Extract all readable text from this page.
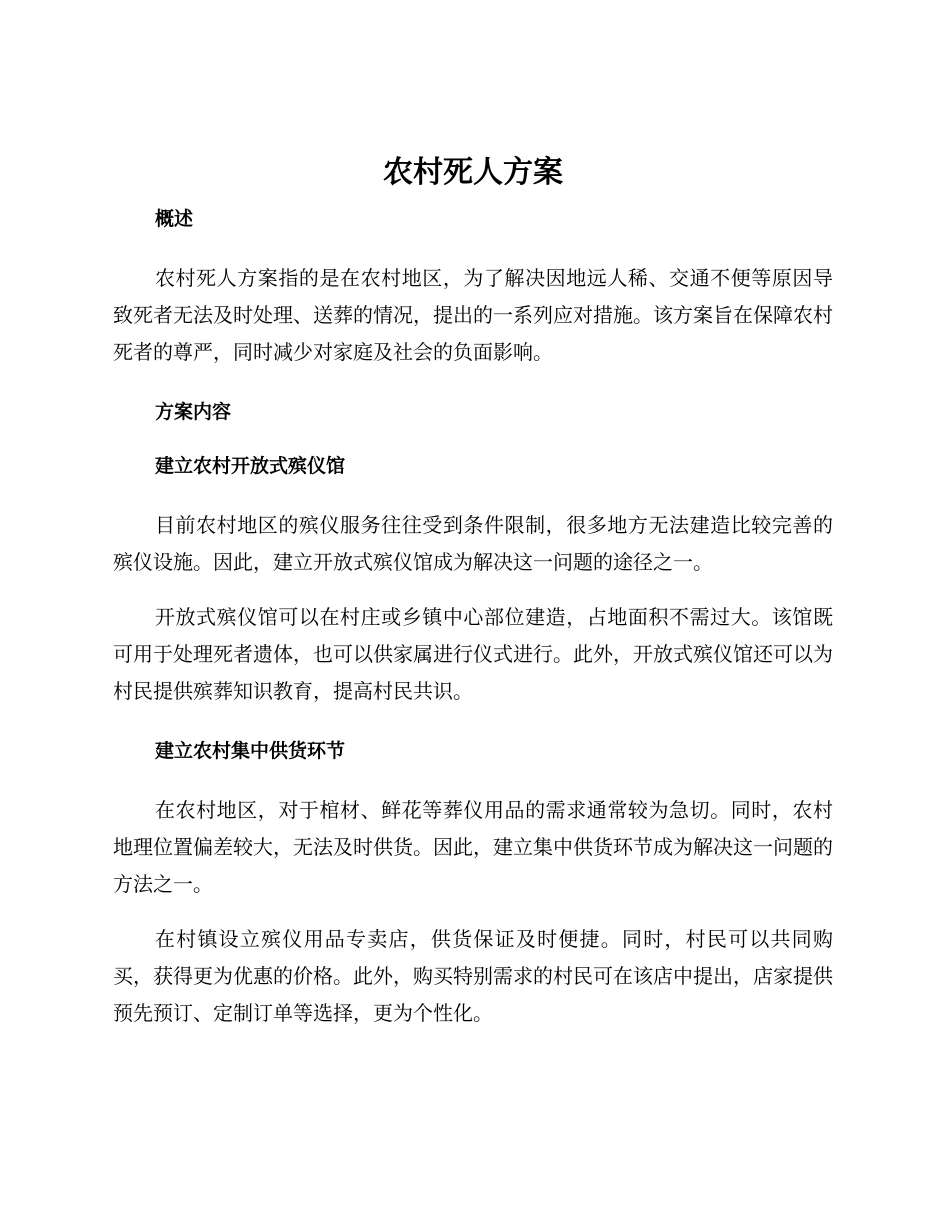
农村死人方案
概述

农村死人方案指的是在农村地区，为了解决因地远人稀、交通不便等原因导致死者无法及时处理、送葬的情况，提出的一系列应对措施。该方案旨在保障农村死者的尊严，同时减少对家庭及社会的负面影响。

方案内容
建立农村开放式殡仪馆

目前农村地区的殡仪服务往往受到条件限制，很多地方无法建造比较完善的殡仪设施。因此，建立开放式殡仪馆成为解决这一问题的途径之一。

开放式殡仪馆可以在村庄或乡镇中心部位建造，占地面积不需过大。该馆既可用于处理死者遗体，也可以供家属进行仪式进行。此外，开放式殡仪馆还可以为村民提供殡葬知识教育，提高村民共识。

建立农村集中供货环节

在农村地区，对于棺材、鲜花等葬仪用品的需求通常较为急切。同时，农村地理位置偏差较大，无法及时供货。因此，建立集中供货环节成为解决这一问题的方法之一。

在村镇设立殡仪用品专卖店，供货保证及时便捷。同时，村民可以共同购买，获得更为优惠的价格。此外，购买特别需求的村民可在该店中提出，店家提供预先预订、定制订单等选择，更为个性化。
